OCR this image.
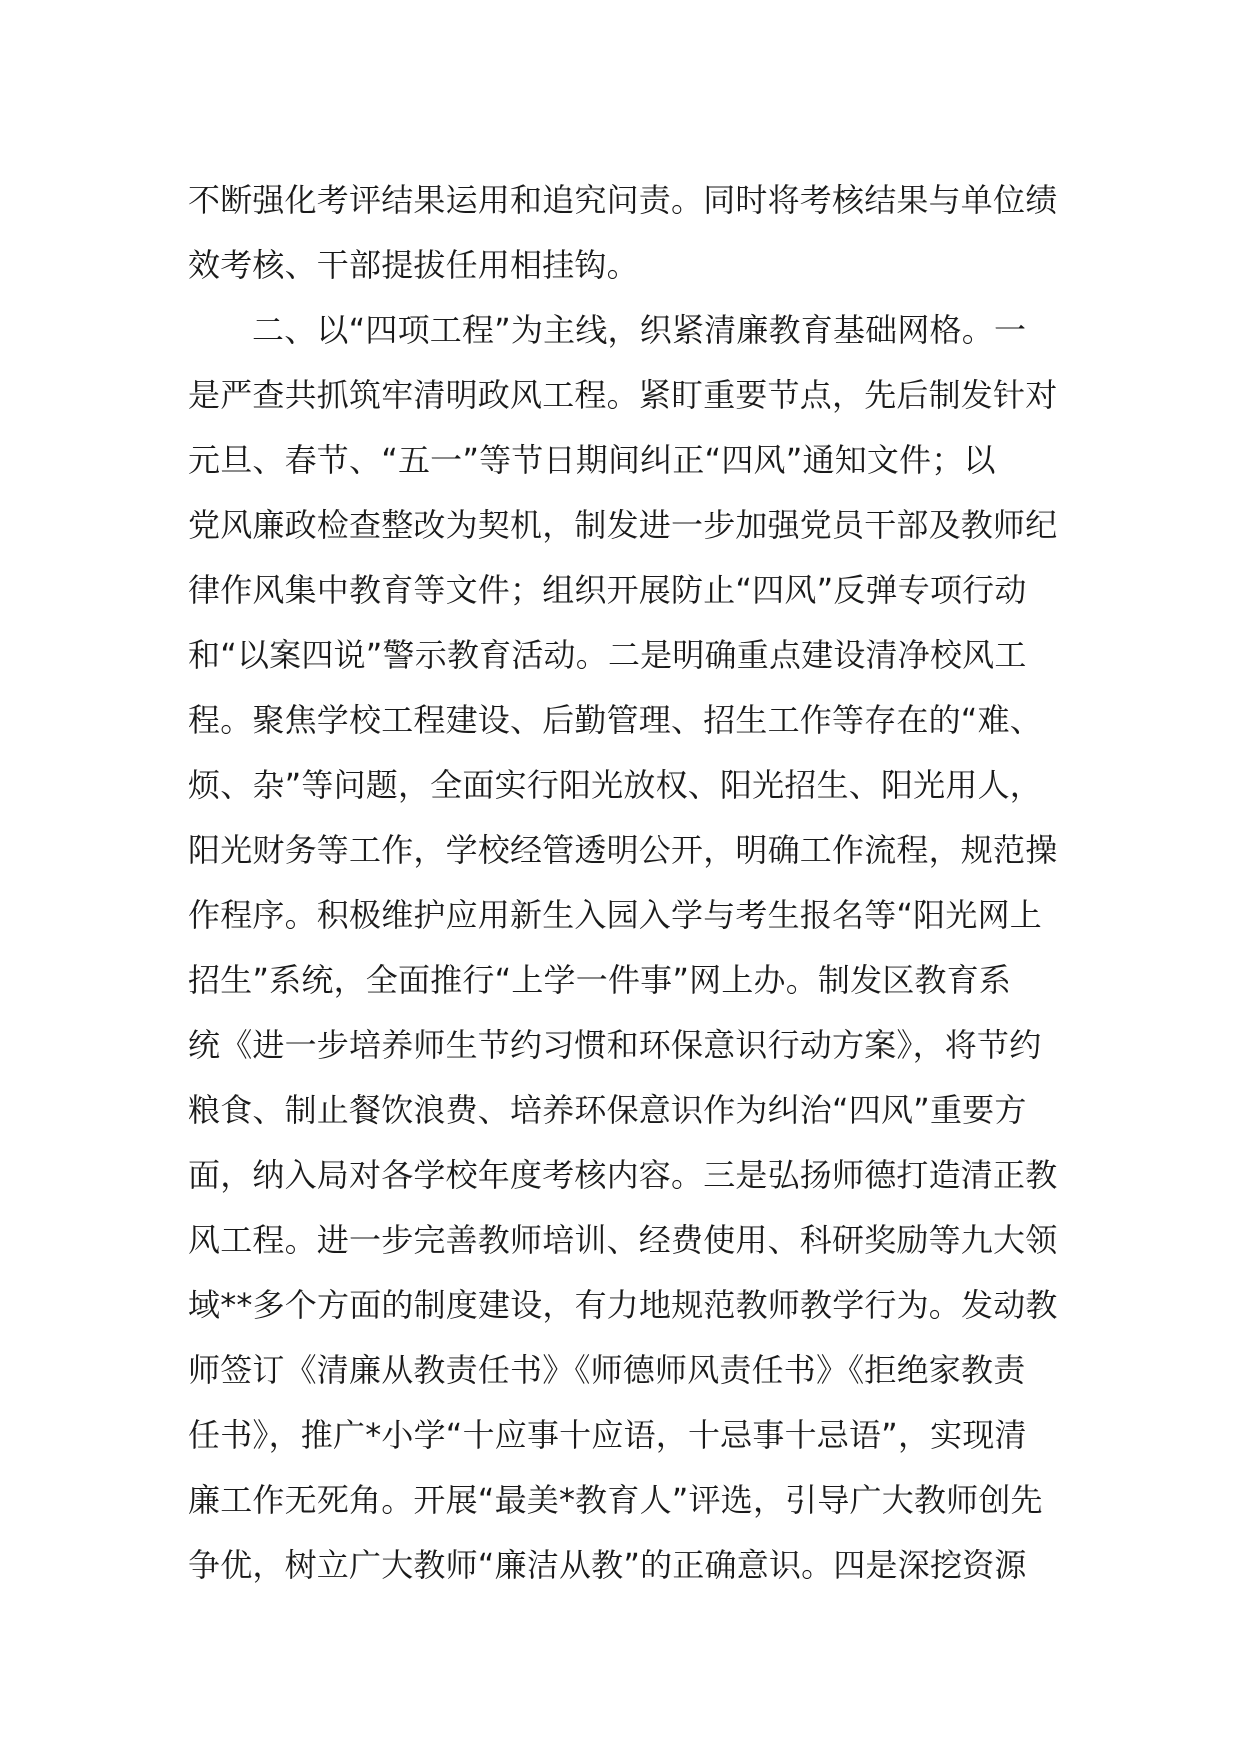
不断强化考评结果运用和追究问责。同时将考核结果与单位绩
效考核、干部提拔任用相挂钩。
二、以“四项工程”为主线，织紧清廉教育基础网格。一
是严查共抓筑牢清明政风工程。紧盯重要节点，先后制发针对
元旦、春节、“五一”等节日期间纠正“四风”通知文件；以
党风廉政检查整改为契机，制发进一步加强党员干部及教师纪
律作风集中教育等文件；组织开展防止“四风”反弹专项行动
和“以案四说”警示教育活动。二是明确重点建设清净校风工
程。聚焦学校工程建设、后勤管理、招生工作等存在的“难、
烦、杂”等问题，全面实行阳光放权、阳光招生、阳光用人，
阳光财务等工作，学校经管透明公开，明确工作流程，规范操
作程序。积极维护应用新生入园入学与考生报名等“阳光网上
招生”系统，全面推行“上学一件事”网上办。制发区教育系
统《进一步培养师生节约习惯和环保意识行动方案》，将节约
粮食、制止餐饮浪费、培养环保意识作为纠治“四风”重要方
面，纳入局对各学校年度考核内容。三是弘扬师德打造清正教
风工程。进一步完善教师培训、经费使用、科研奖励等九大领
域**多个方面的制度建设，有力地规范教师教学行为。发动教
师签订《清廉从教责任书》《师德师风责任书》《拒绝家教责
任书》，推广*小学“十应事十应语，十忌事十忌语”，实现清
廉工作无死角。开展“最美*教育人”评选，引导广大教师创先
争优，树立广大教师“廉洁从教”的正确意识。四是深挖资源
